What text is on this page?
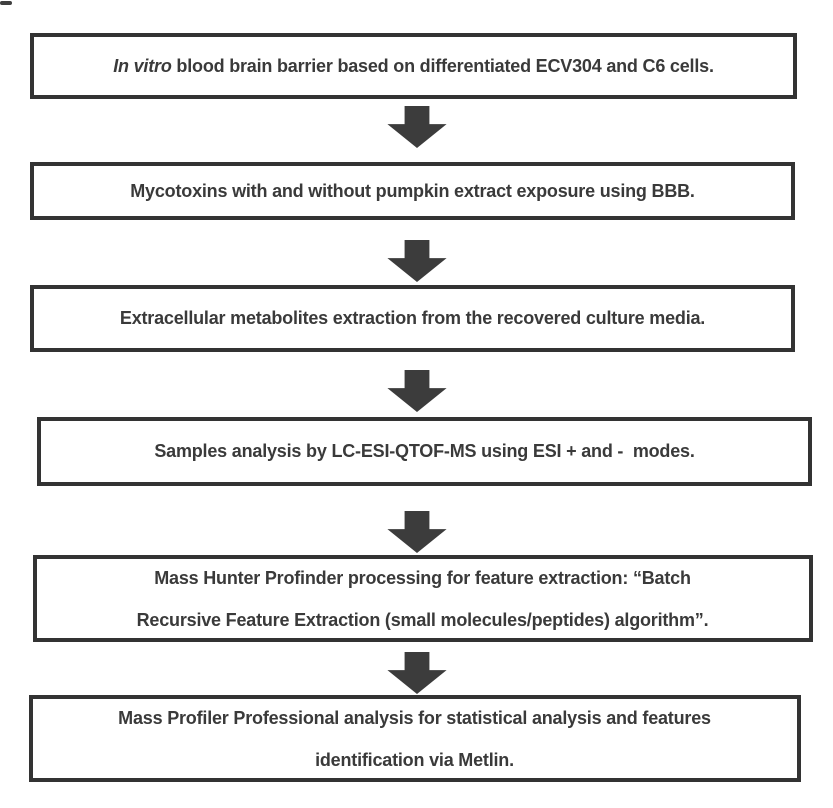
In vitro blood brain barrier based on differentiated ECV304 and C6 cells.
Mycotoxins with and without pumpkin extract exposure using BBB.
Extracellular metabolites extraction from the recovered culture media.
Samples analysis by LC-ESI-QTOF-MS using ESI + and -  modes.
Mass Hunter Profinder processing for feature extraction: “Batch
Recursive Feature Extraction (small molecules/peptides) algorithm”.
Mass Profiler Professional analysis for statistical analysis and features
identification via Metlin.
